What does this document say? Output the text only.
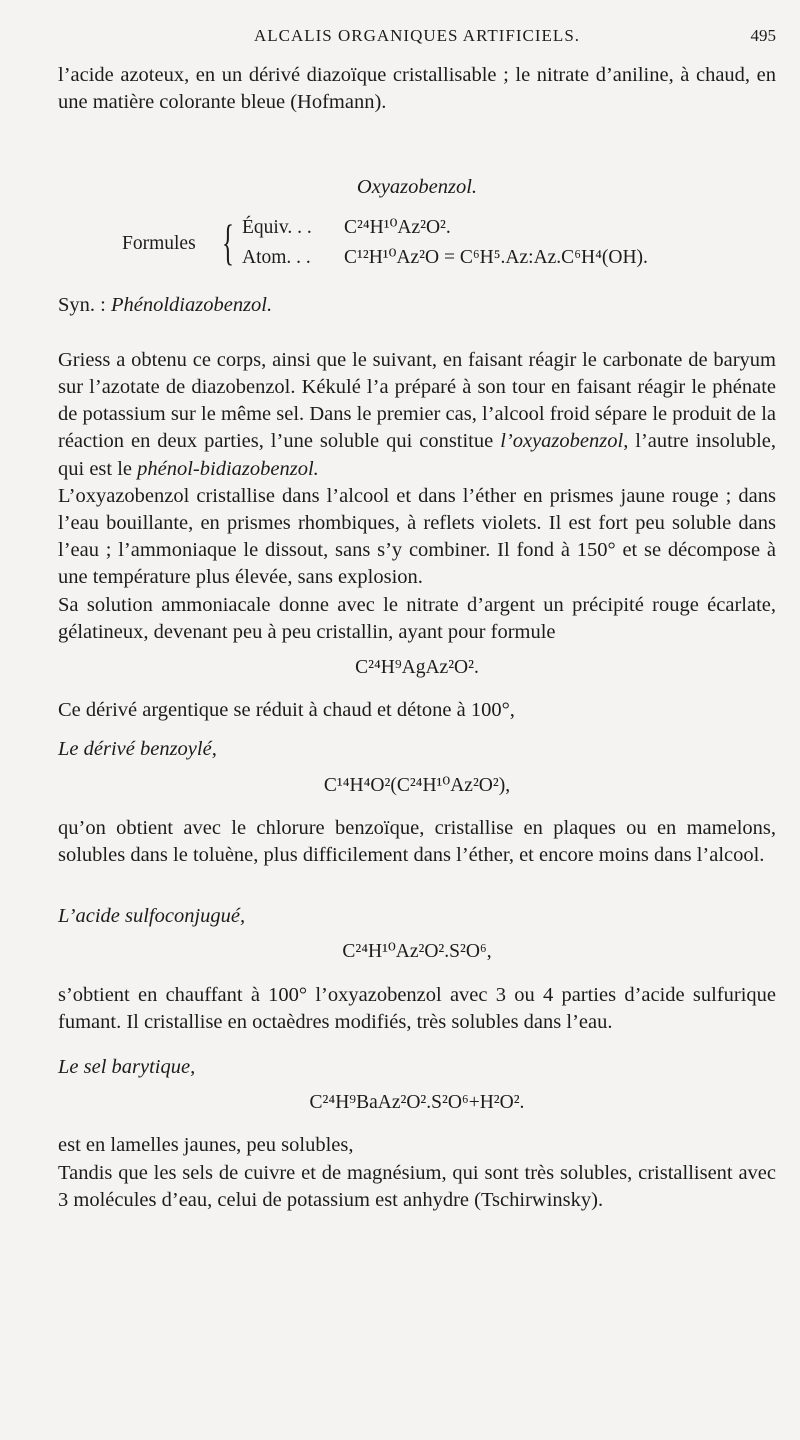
ALCALIS ORGANIQUES ARTIFICIELS.	495

l’acide azoteux, en un dérivé diazoïque cristallisable ; le nitrate d’aniline, à chaud, en une matière colorante bleue (Hofmann).

Oxyazobenzol.
Formules { Équiv. . . C²⁴H¹⁰Az²O².
Atom. . . C¹²H¹⁰Az²O = C⁶H⁵.Az:Az.C⁶H⁴(OH).

Syn. : Phénoldiazobenzol.

Griess a obtenu ce corps, ainsi que le suivant, en faisant réagir le carbonate de baryum sur l’azotate de diazobenzol. Kékulé l’a préparé à son tour en faisant réagir le phénate de potassium sur le même sel. Dans le premier cas, l’alcool froid sépare le produit de la réaction en deux parties, l’une soluble qui constitue l’oxyazobenzol, l’autre insoluble, qui est le phénol-bidiazobenzol.

L’oxyazobenzol cristallise dans l’alcool et dans l’éther en prismes jaune rouge ; dans l’eau bouillante, en prismes rhombiques, à reflets violets. Il est fort peu soluble dans l’eau ; l’ammoniaque le dissout, sans s’y combiner. Il fond à 150° et se décompose à une température plus élevée, sans explosion.

Sa solution ammoniacale donne avec le nitrate d’argent un précipité rouge écarlate, gélatineux, devenant peu à peu cristallin, ayant pour formule

C²⁴H⁹AgAz²O².

Ce dérivé argentique se réduit à chaud et détone à 100°,

Le dérivé benzoylé,

C¹⁴H⁴O²(C²⁴H¹⁰Az²O²),

qu’on obtient avec le chlorure benzoïque, cristallise en plaques ou en mamelons, solubles dans le toluène, plus difficilement dans l’éther, et encore moins dans l’alcool.

L’acide sulfoconjugué,

C²⁴H¹⁰Az²O².S²O⁶,

s’obtient en chauffant à 100° l’oxyazobenzol avec 3 ou 4 parties d’acide sulfurique fumant. Il cristallise en octaèdres modifiés, très solubles dans l’eau.

Le sel barytique,

C²⁴H⁹BaAz²O².S²O⁶+H²O².

est en lamelles jaunes, peu solubles,

Tandis que les sels de cuivre et de magnésium, qui sont très solubles, cristallisent avec 3 molécules d’eau, celui de potassium est anhydre (Tschirwinsky).
